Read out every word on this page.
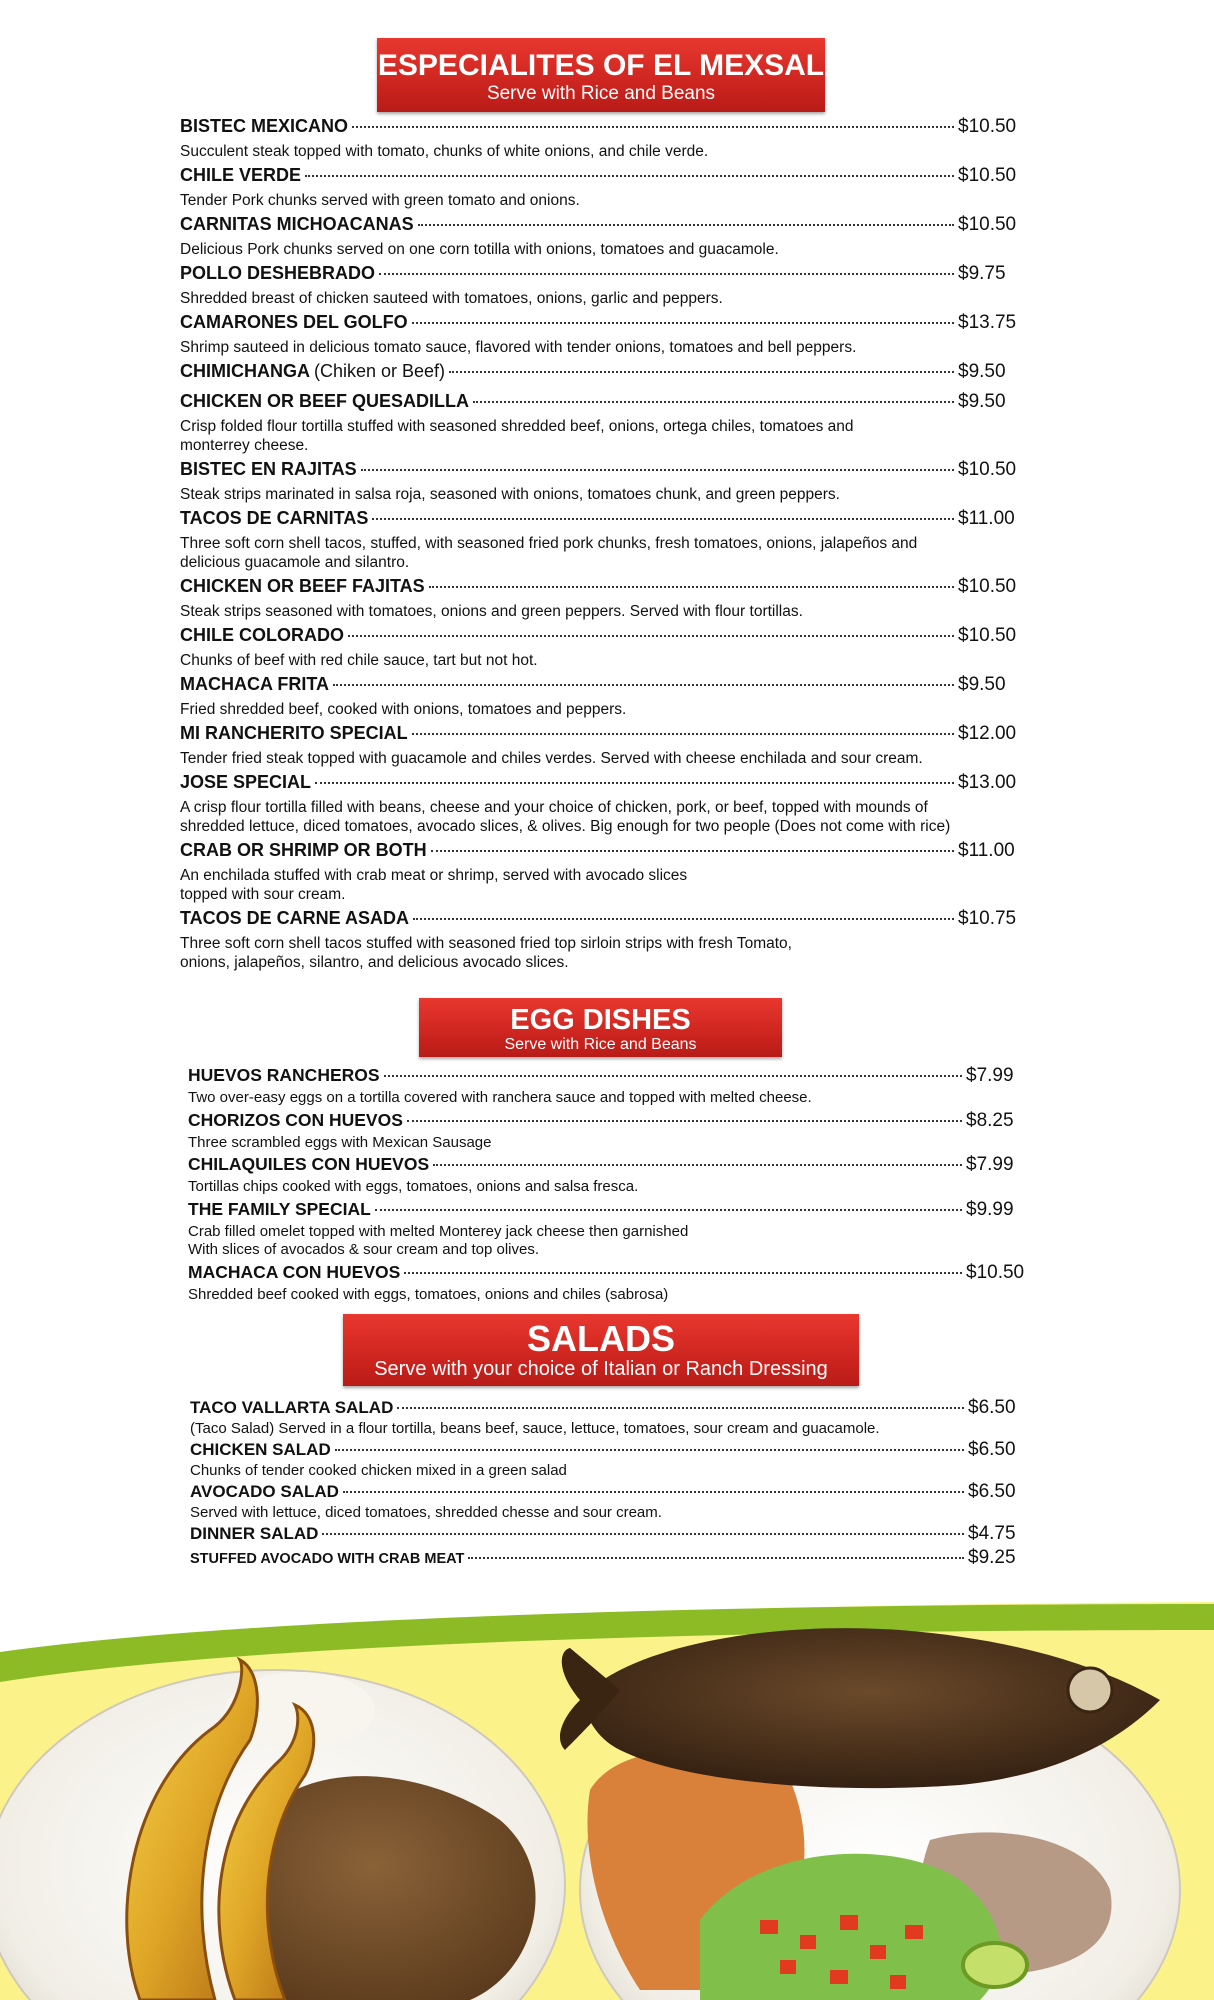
ESPECIALITES OF EL MEXSAL
Serve with Rice and Beans
BISTEC MEXICANO	$10.50
Succulent steak topped with tomato, chunks of white onions, and chile verde.
CHILE VERDE	$10.50
Tender Pork chunks served with green tomato and onions.
CARNITAS MICHOACANAS	$10.50
Delicious Pork chunks served on one corn totilla with onions, tomatoes and guacamole.
POLLO DESHEBRADO	$9.75
Shredded breast of chicken sauteed with tomatoes, onions, garlic and peppers.
CAMARONES DEL GOLFO	$13.75
Shrimp sauteed in delicious tomato sauce, flavored with tender onions, tomatoes and bell peppers.
CHIMICHANGA (Chiken or Beef)	$9.50
CHICKEN OR BEEF QUESADILLA	$9.50
Crisp folded flour tortilla stuffed with seasoned shredded beef, onions, ortega chiles, tomatoes and
monterrey cheese.
BISTEC EN RAJITAS	$10.50
Steak strips marinated in salsa roja, seasoned with onions, tomatoes chunk, and green peppers.
TACOS DE CARNITAS	$11.00
Three soft corn shell tacos, stuffed, with seasoned fried pork chunks, fresh tomatoes, onions, jalapeños and
delicious guacamole and silantro.
CHICKEN OR BEEF FAJITAS	$10.50
Steak strips seasoned with tomatoes, onions and green peppers. Served with flour tortillas.
CHILE COLORADO	$10.50
Chunks of beef with red chile sauce, tart but not hot.
MACHACA FRITA	$9.50
Fried shredded beef, cooked with onions, tomatoes and peppers.
MI RANCHERITO SPECIAL	$12.00
Tender fried steak topped with guacamole and chiles verdes. Served with cheese enchilada and sour cream.
JOSE SPECIAL	$13.00
A crisp flour tortilla filled with beans, cheese and your choice of chicken, pork, or beef, topped with mounds of
shredded lettuce, diced tomatoes, avocado slices, & olives. Big enough for two people (Does not come with rice)
CRAB OR SHRIMP OR BOTH	$11.00
An enchilada stuffed with crab meat or shrimp, served with avocado slices
topped with sour cream.
TACOS DE CARNE ASADA	$10.75
Three soft corn shell tacos stuffed with seasoned fried top sirloin strips with fresh Tomato,
onions, jalapeños, silantro, and delicious avocado slices.
EGG DISHES
Serve with Rice and Beans
HUEVOS RANCHEROS	$7.99
Two over-easy eggs on a tortilla covered with ranchera sauce and topped with melted cheese.
CHORIZOS CON HUEVOS	$8.25
Three scrambled eggs with Mexican Sausage
CHILAQUILES CON HUEVOS	$7.99
Tortillas chips cooked with eggs, tomatoes, onions and salsa fresca.
THE FAMILY SPECIAL	$9.99
Crab filled omelet topped with melted Monterey jack cheese then garnished
With slices of avocados & sour cream and top olives.
MACHACA CON HUEVOS	$10.50
Shredded beef cooked with eggs, tomatoes, onions and chiles (sabrosa)
SALADS
Serve with your choice of Italian or Ranch Dressing
TACO VALLARTA SALAD	$6.50
(Taco Salad) Served in a flour tortilla, beans beef, sauce, lettuce, tomatoes, sour cream and guacamole.
CHICKEN SALAD	$6.50
Chunks of tender cooked chicken mixed in a green salad
AVOCADO SALAD	$6.50
Served with lettuce, diced tomatoes, shredded chesse and sour cream.
DINNER SALAD	$4.75
STUFFED AVOCADO WITH CRAB MEAT	$9.25
